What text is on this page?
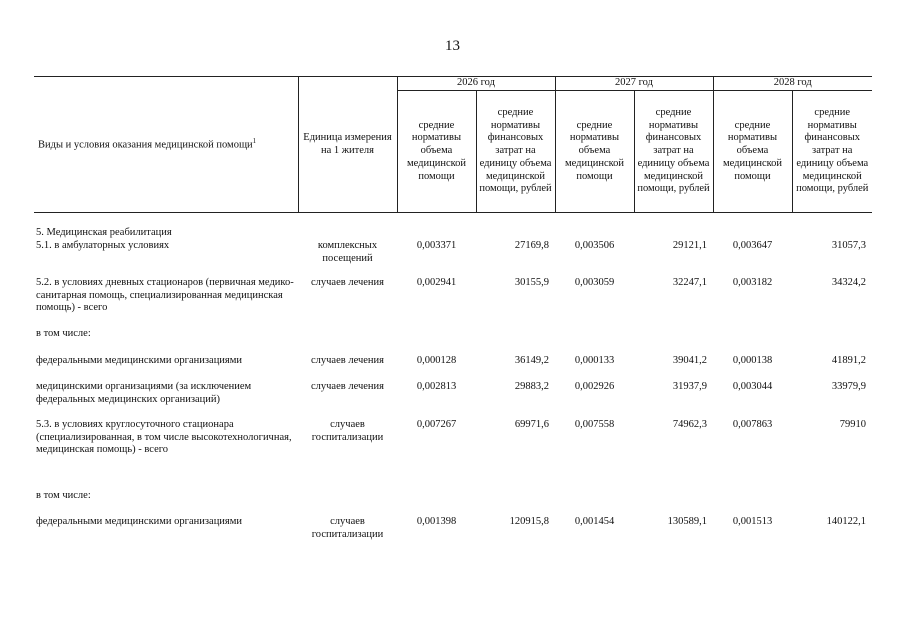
13
Виды и условия оказания медицинской помощи$^1$	Единица измерения на 1 жителя	2026 год		2027 год		2028 год	
		средние нормативы объема медицинской помощи	средние нормативы финансовых затрат на единицу объема медицинской помощи, рублей	средние нормативы объема медицинской помощи	средние нормативы финансовых затрат на единицу объема медицинской помощи, рублей	средние нормативы объема медицинской помощи	средние нормативы финансовых затрат на единицу объема медицинской помощи, рублей
5. Медицинская реабилитация							
5.1. в амбулаторных условиях	комплексных посещений	0,003371	27169,8	0,003506	29121,1	0,003647	31057,3
5.2. в условиях дневных стационаров (первичная медико-санитарная помощь, специализированная медицинская помощь) - всего	случаев лечения	0,002941	30155,9	0,003059	32247,1	0,003182	34324,2
в том числе:							
федеральными медицинскими организациями	случаев лечения	0,000128	36149,2	0,000133	39041,2	0,000138	41891,2
медицинскими организациями (за исключением федеральных медицинских организаций)	случаев лечения	0,002813	29883,2	0,002926	31937,9	0,003044	33979,9
5.3. в условиях круглосуточного стационара (специализированная, в том числе высокотехнологичная, медицинская помощь) - всего	случаев госпитализации	0,007267	69971,6	0,007558	74962,3	0,007863	79910
в том числе:							
федеральными медицинскими организациями	случаев госпитализации	0,001398	120915,8	0,001454	130589,1	0,001513	140122,1
